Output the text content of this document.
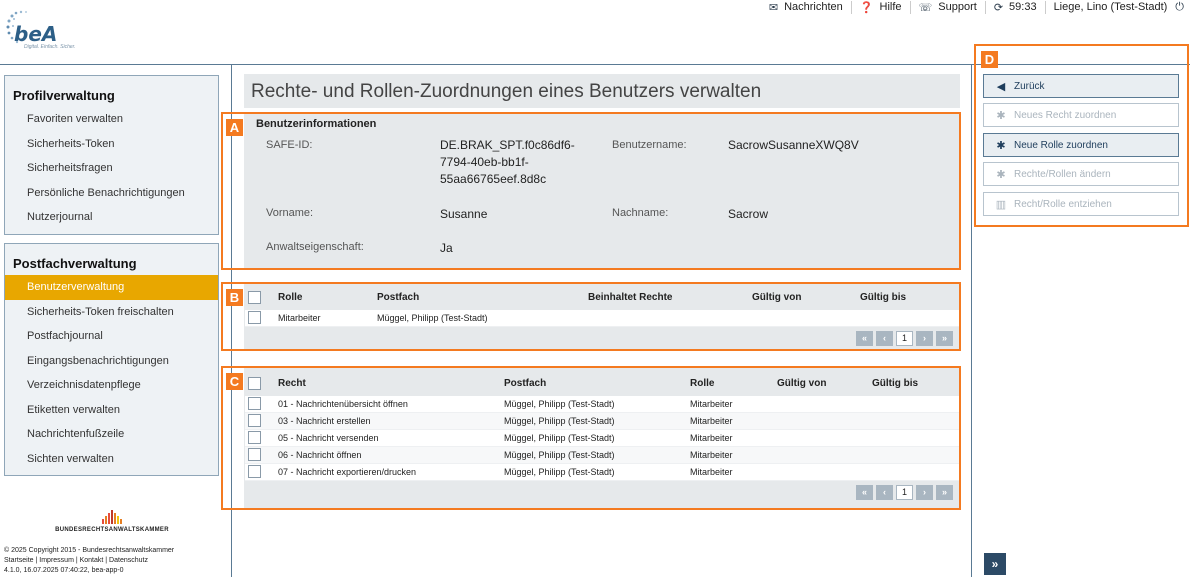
✉ Nachrichten ❓ Hilfe ☏ Support ⟳ 59:33 Liege, Lino (Test-Stadt) ⏻
beA
Digital. Einfach. Sicher.
Profilverwaltung
Favoriten verwalten
Sicherheits-Token
Sicherheitsfragen
Persönliche Benachrichtigungen
Nutzerjournal
Postfachverwaltung
Benutzerverwaltung
Sicherheits-Token freischalten
Postfachjournal
Eingangsbenachrichtigungen
Verzeichnisdatenpflege
Etiketten verwalten
Nachrichtenfußzeile
Sichten verwalten
BUNDESRECHTSANWALTSKAMMER
© 2025 Copyright 2015 - Bundesrechtsanwaltskammer
Startseite | Impressum | Kontakt | Datenschutz
4.1.0, 16.07.2025 07:40:22, bea-app-0
Rechte- und Rollen-Zuordnungen eines Benutzers verwalten
Benutzerinformationen
SAFE-ID:	DE.BRAK_SPT.f0c86df6-
7794-40eb-bb1f-
55aa66765eef.8d8c
Benutzername:	SacrowSusanneXWQ8V
Vorname:	Susanne	Nachname:	Sacrow
Anwaltseigenschaft:	Ja
A
Rolle	Postfach	Beinhaltet Rechte	Gültig von	Gültig bis
Mitarbeiter	Müggel, Philipp (Test-Stadt)
«	‹	1	›	»
B
Recht	Postfach	Rolle	Gültig von	Gültig bis
01 - Nachrichtenübersicht öffnen	Müggel, Philipp (Test-Stadt)	Mitarbeiter
03 - Nachricht erstellen	Müggel, Philipp (Test-Stadt)	Mitarbeiter
05 - Nachricht versenden	Müggel, Philipp (Test-Stadt)	Mitarbeiter
06 - Nachricht öffnen	Müggel, Philipp (Test-Stadt)	Mitarbeiter
07 - Nachricht exportieren/drucken	Müggel, Philipp (Test-Stadt)	Mitarbeiter
«	‹	1	›	»
C
D
◀ Zurück
✱ Neues Recht zuordnen
✱ Neue Rolle zuordnen
✱ Rechte/Rollen ändern
▥ Recht/Rolle entziehen
»
